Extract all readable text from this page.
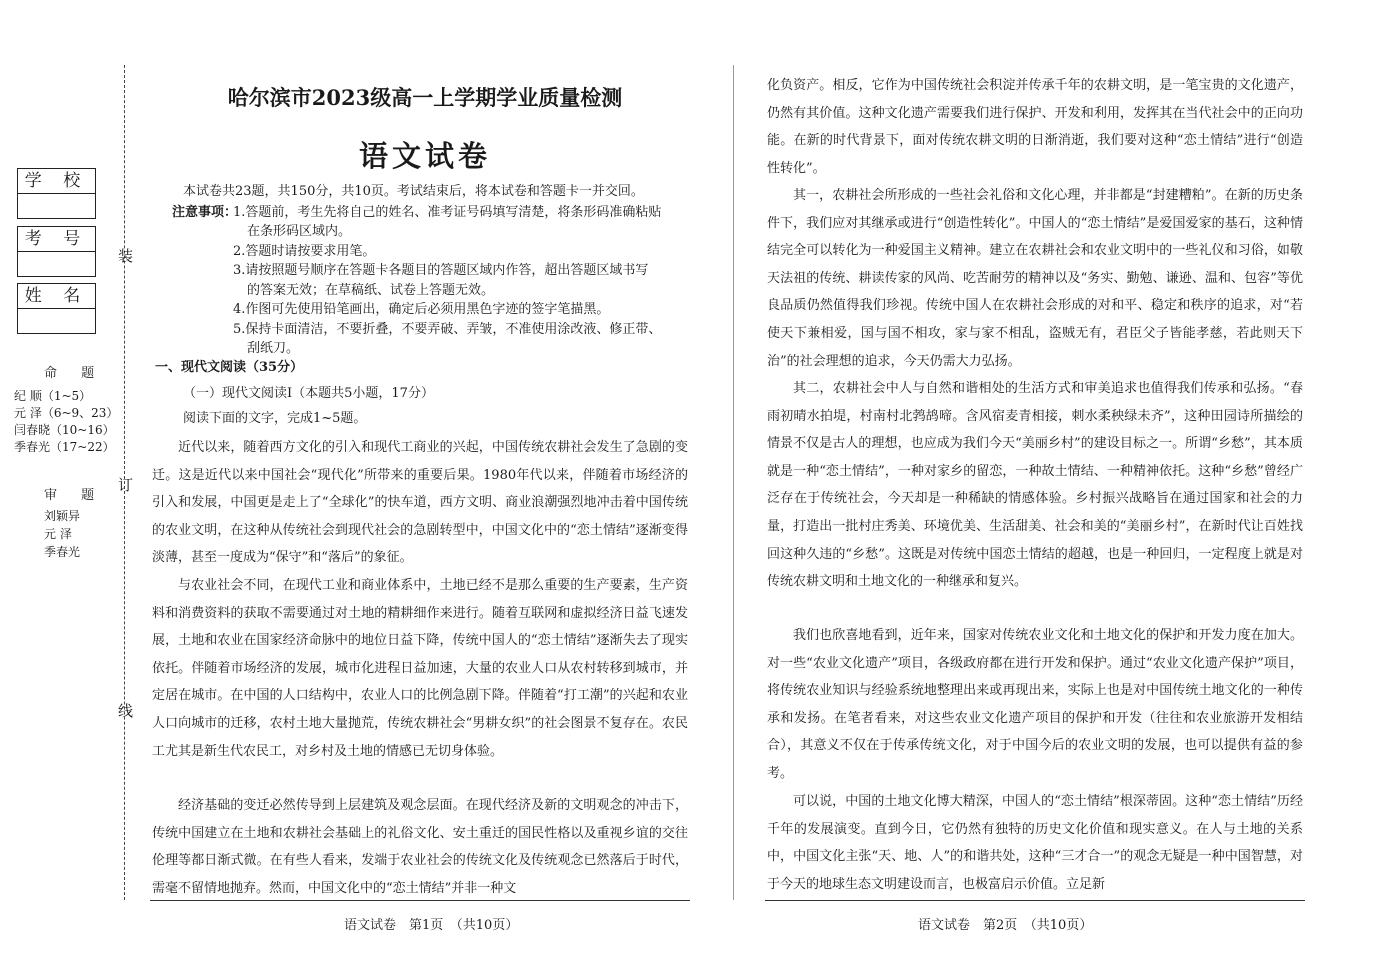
学 校
考 号
姓 名
命 题
纪 顺（1~5）
元 泽（6~9、23）
闫春晓（10~16）
季春光（17~22）
审 题
刘颖异
元 泽
季春光
装
订
线
哈尔滨市2023级高一上学期学业质量检测
语文试卷
本试卷共23题，共150分，共10页。考试结束后，将本试卷和答题卡一并交回。
注意事项：
1.答题前，考生先将自己的姓名、准考证号码填写清楚，将条形码准确粘贴
在条形码区域内。
2.答题时请按要求用笔。
3.请按照题号顺序在答题卡各题目的答题区域内作答，超出答题区域书写
的答案无效；在草稿纸、试卷上答题无效。
4.作图可先使用铅笔画出，确定后必须用黑色字迹的签字笔描黑。
5.保持卡面清洁，不要折叠，不要弄破、弄皱，不准使用涂改液、修正带、
刮纸刀。
一、现代文阅读（35分）
（一）现代文阅读Ⅰ（本题共5小题，17分）
阅读下面的文字，完成1~5题。
近代以来，随着西方文化的引入和现代工商业的兴起，中国传统农耕社会发生了急剧的变迁。这是近代以来中国社会“现代化”所带来的重要后果。1980年代以来，伴随着市场经济的引入和发展，中国更是走上了“全球化”的快车道，西方文明、商业浪潮强烈地冲击着中国传统的农业文明，在这种从传统社会到现代社会的急剧转型中，中国文化中的“恋土情结”逐渐变得淡薄，甚至一度成为“保守”和“落后”的象征。
与农业社会不同，在现代工业和商业体系中，土地已经不是那么重要的生产要素，生产资料和消费资料的获取不需要通过对土地的精耕细作来进行。随着互联网和虚拟经济日益飞速发展，土地和农业在国家经济命脉中的地位日益下降，传统中国人的“恋土情结”逐渐失去了现实依托。伴随着市场经济的发展，城市化进程日益加速，大量的农业人口从农村转移到城市，并定居在城市。在中国的人口结构中，农业人口的比例急剧下降。伴随着“打工潮”的兴起和农业人口向城市的迁移，农村土地大量抛荒，传统农耕社会“男耕女织”的社会图景不复存在。农民工尤其是新生代农民工，对乡村及土地的情感已无切身体验。
经济基础的变迁必然传导到上层建筑及观念层面。在现代经济及新的文明观念的冲击下，传统中国建立在土地和农耕社会基础上的礼俗文化、安土重迁的国民性格以及重视乡谊的交往伦理等都日渐式微。在有些人看来，发端于农业社会的传统文化及传统观念已然落后于时代，需毫不留情地抛弃。然而，中国文化中的“恋土情结”并非一种文
语文试卷　第1页　（共10页）
化负资产。相反，它作为中国传统社会积淀并传承千年的农耕文明，是一笔宝贵的文化遗产，仍然有其价值。这种文化遗产需要我们进行保护、开发和利用，发挥其在当代社会中的正向功能。在新的时代背景下，面对传统农耕文明的日渐消逝，我们要对这种“恋土情结”进行“创造性转化”。
其一，农耕社会所形成的一些社会礼俗和文化心理，并非都是“封建糟粕”。在新的历史条件下，我们应对其继承或进行“创造性转化”。中国人的“恋土情结”是爱国爱家的基石，这种情结完全可以转化为一种爱国主义精神。建立在农耕社会和农业文明中的一些礼仪和习俗，如敬天法祖的传统、耕读传家的风尚、吃苦耐劳的精神以及“务实、勤勉、谦逊、温和、包容”等优良品质仍然值得我们珍视。传统中国人在农耕社会形成的对和平、稳定和秩序的追求，对“若使天下兼相爱，国与国不相攻，家与家不相乱，盗贼无有，君臣父子皆能孝慈，若此则天下治”的社会理想的追求，今天仍需大力弘扬。
其二，农耕社会中人与自然和谐相处的生活方式和审美追求也值得我们传承和弘扬。“春雨初晴水拍堤，村南村北鹁鸪啼。含风宿麦青相接，刺水柔秧绿未齐”，这种田园诗所描绘的情景不仅是古人的理想，也应成为我们今天“美丽乡村”的建设目标之一。所谓“乡愁”，其本质就是一种“恋土情结”，一种对家乡的留恋，一种故土情结、一种精神依托。这种“乡愁”曾经广泛存在于传统社会，今天却是一种稀缺的情感体验。乡村振兴战略旨在通过国家和社会的力量，打造出一批村庄秀美、环境优美、生活甜美、社会和美的“美丽乡村”，在新时代让百姓找回这种久违的“乡愁”。这既是对传统中国恋土情结的超越，也是一种回归，一定程度上就是对传统农耕文明和土地文化的一种继承和复兴。
我们也欣喜地看到，近年来，国家对传统农业文化和土地文化的保护和开发力度在加大。对一些“农业文化遗产”项目，各级政府都在进行开发和保护。通过“农业文化遗产保护”项目，将传统农业知识与经验系统地整理出来或再现出来，实际上也是对中国传统土地文化的一种传承和发扬。在笔者看来，对这些农业文化遗产项目的保护和开发（往往和农业旅游开发相结合），其意义不仅在于传承传统文化，对于中国今后的农业文明的发展，也可以提供有益的参考。
可以说，中国的土地文化博大精深，中国人的“恋土情结”根深蒂固。这种“恋土情结”历经千年的发展演变。直到今日，它仍然有独特的历史文化价值和现实意义。在人与土地的关系中，中国文化主张“天、地、人”的和谐共处，这种“三才合一”的观念无疑是一种中国智慧，对于今天的地球生态文明建设而言，也极富启示价值。立足新
语文试卷　第2页　（共10页）
